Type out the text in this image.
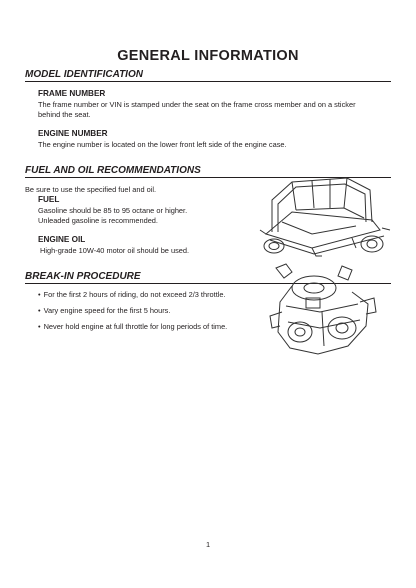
GENERAL INFORMATION
MODEL IDENTIFICATION
FRAME NUMBER

The frame number or VIN is stamped under the seat on the frame cross member and on a sticker

behind the seat.

ENGINE NUMBER

The engine number is located on the lower front left side of the engine case.

FUEL AND OIL RECOMMENDATIONS

Be sure to use the specified fuel and oil.

FUEL

Gasoline should be 85 to 95 octane or higher.

Unleaded gasoline is recommended.

ENGINE OIL

High-grade 10W-40 motor oil should be used.

BREAK-IN PROCEDURE
• For the first 2 hours of riding, do not exceed 2/3 throttle.
• Vary engine speed for the first 5 hours.
• Never hold engine at full throttle for long periods of time.

1
